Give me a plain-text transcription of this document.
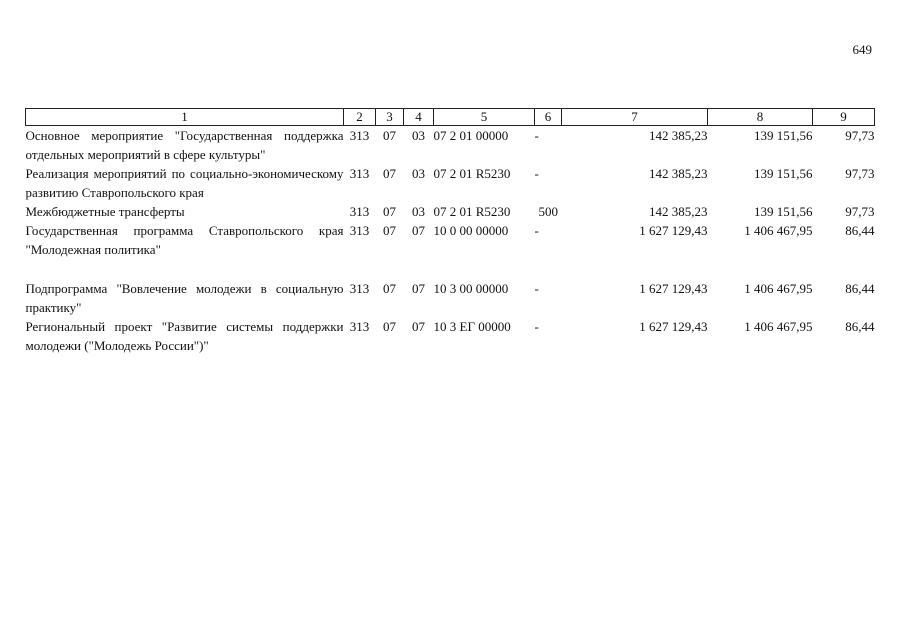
649
1	2	3	4	5	6	7	8	9

Основное мероприятие "Государственная поддержка отдельных мероприятий в сфере культуры"	313	07	03	07 2 01 00000	-	142 385,23	139 151,56	97,73

Реализация мероприятий по социально-экономическому развитию Ставропольского края	313	07	03	07 2 01 R5230	-	142 385,23	139 151,56	97,73

Межбюджетные трансферты	313	07	03	07 2 01 R5230	500	142 385,23	139 151,56	97,73

Государственная программа Ставропольского края "Молодежная политика"	313	07	07	10 0 00 00000	-	1 627 129,43	1 406 467,95	86,44

Подпрограмма "Вовлечение молодежи в социальную практику"	313	07	07	10 3 00 00000	-	1 627 129,43	1 406 467,95	86,44

Региональный проект "Развитие системы поддержки молодежи ("Молодежь России")"	313	07	07	10 3 ЕГ 00000	-	1 627 129,43	1 406 467,95	86,44
